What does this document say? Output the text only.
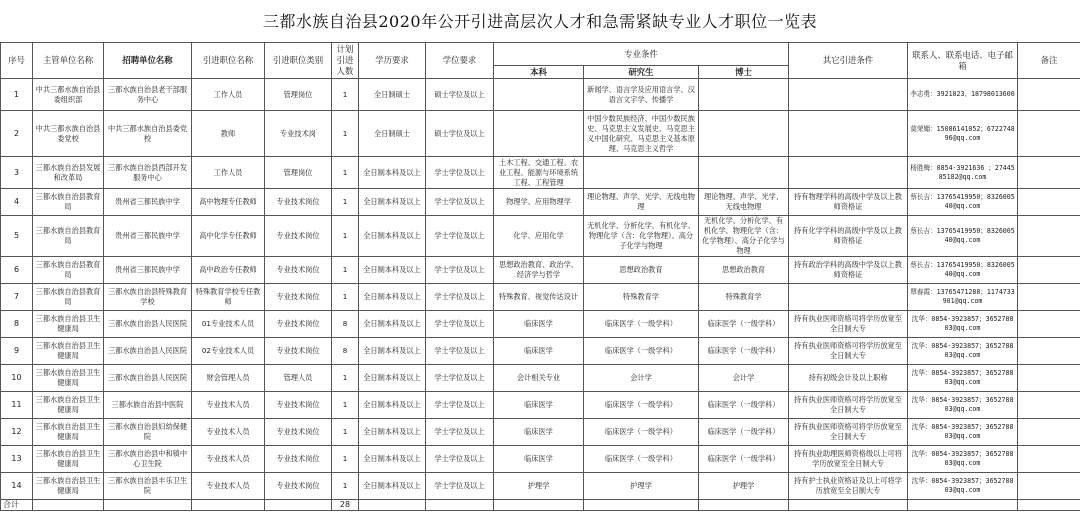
三都水族自治县2020年公开引进高层次人才和急需紧缺专业人才职位一览表
序号	主管单位名称	招聘单位名称	引进职位名称	引进职位类别	计划
引进
人数	学历要求	学位要求	专业条件			其它引进条件	联系人、联系电话、电子邮箱	备注
								本科	研究生	博士			
1	中共三都水族自治县委组织部	三都水族自治县老干部服务中心	工作人员	管理岗位	1	全日制硕士	硕士学位及以上		新闻学、语言学及应用语言学、汉语言文字学、传播学			李志勇：3921023、18798013600	
2	中共三都水族自治县委党校	中共三都水族自治县委党校	教师	专业技术岗	1	全日制硕士	硕士学位及以上		中国少数民族经济、中国少数民族史、马克思主义发展史、马克思主义中国化研究、马克思主义基本原理、马克思主义哲学			莫荣媚：15086141052；672274896@qq.com	
3	三都水族自治县发展和改革局	三都水族自治县西部开发服务中心	工作人员	管理岗位	1	全日制本科及以上	学士学位及以上	土木工程、交通工程、农业工程、能源与环境系统工程、工程管理				杨胜梅：0854-3921636 ；2744585182@qq.com	
4	三都水族自治县教育局	贵州省三都民族中学	高中物理专任教师	专业技术岗位	1	全日制本科及以上	学士学位及以上	物理学、应用物理学	理论物理、声学、光学、无线电物理	理论物理、声学、光学、无线电物理	持有物理学科的高级中学及以上教师资格证	蔡长吉：13765419950；832600540@qq.com	
5	三都水族自治县教育局	贵州省三都民族中学	高中化学专任教师	专业技术岗位	1	全日制本科及以上	学士学位及以上	化学、应用化学	无机化学、分析化学、有机化学、物理化学（含：化学物理）、高分子化学与物理	无机化学、分析化学、有机化学、物理化学（含：化学物理）、高分子化学与物理	持有化学学科的高级中学及以上教师资格证	蔡长吉：13765419950；832600540@qq.com	
6	三都水族自治县教育局	贵州省三都民族中学	高中政治专任教师	专业技术岗位	1	全日制本科及以上	学士学位及以上	思想政治教育、政治学、经济学与哲学	思想政治教育	思想政治教育	持有政治学科的高级中学及以上教师资格证	蔡长吉：13765419950；832600540@qq.com	
7	三都水族自治县教育局	三都水族自治县特殊教育学校	特殊教育学校专任教师	专业技术岗位	1	全日制本科及以上	学士学位及以上	特殊教育、视觉传达设计	特殊教育学	特殊教育学		覃春霞：13765471288；1174733901@qq.com	
8	三都水族自治县卫生健康局	三都水族自治县人民医院	01专业技术人员	专业技术岗位	8	全日制本科及以上	学士学位及以上	临床医学	临床医学（一级学科）	临床医学（一级学科）	持有执业医师资格可将学历放宽至全日制大专	沈华：0854-3923857；365278803@qq.com	
9	三都水族自治县卫生健康局	三都水族自治县人民医院	02专业技术人员	专业技术岗位	8	全日制本科及以上	学士学位及以上	临床医学	临床医学（一级学科）	临床医学（一级学科）	持有执业医师资格可将学历放宽至全日制大专	沈华：0854-3923857；365278803@qq.com	
10	三都水族自治县卫生健康局	三都水族自治县人民医院	财会管理人员	管理人员	1	全日制本科及以上	学士学位及以上	会计相关专业	会计学	会计学	持有初级会计及以上职称	沈华：0854-3923857；365278803@qq.com	
11	三都水族自治县卫生健康局	三都水族自治县中医院	专业技术人员	专业技术岗位	1	全日制本科及以上	学士学位及以上	临床医学	临床医学（一级学科）	临床医学（一级学科）	持有执业医师资格可将学历放宽至全日制大专	沈华：0854-3923857；365278803@qq.com	
12	三都水族自治县卫生健康局	三都水族自治县妇幼保健院	专业技术人员	专业技术岗位	1	全日制本科及以上	学士学位及以上	临床医学	临床医学（一级学科）	临床医学（一级学科）	持有执业医师资格可将学历放宽至全日制大专	沈华：0854-3923857；365278803@qq.com	
13	三都水族自治县卫生健康局	三都水族自治县中和镇中心卫生院	专业技术人员	专业技术岗位	1	全日制本科及以上	学士学位及以上	临床医学	临床医学（一级学科）	临床医学（一级学科）	持有执业助理医师资格级以上可将学历放宽至全日制大专	沈华：0854-3923857；365278803@qq.com	
14	三都水族自治县卫生健康局	三都水族自治县丰乐卫生院	专业技术人员	专业技术岗位	1	全日制本科及以上	学士学位及以上	护理学	护理学	护理学	持有护士执业资格证及以上可将学历放宽至全日制大专	沈华：0854-3923857；365278803@qq.com	
合计					28								
